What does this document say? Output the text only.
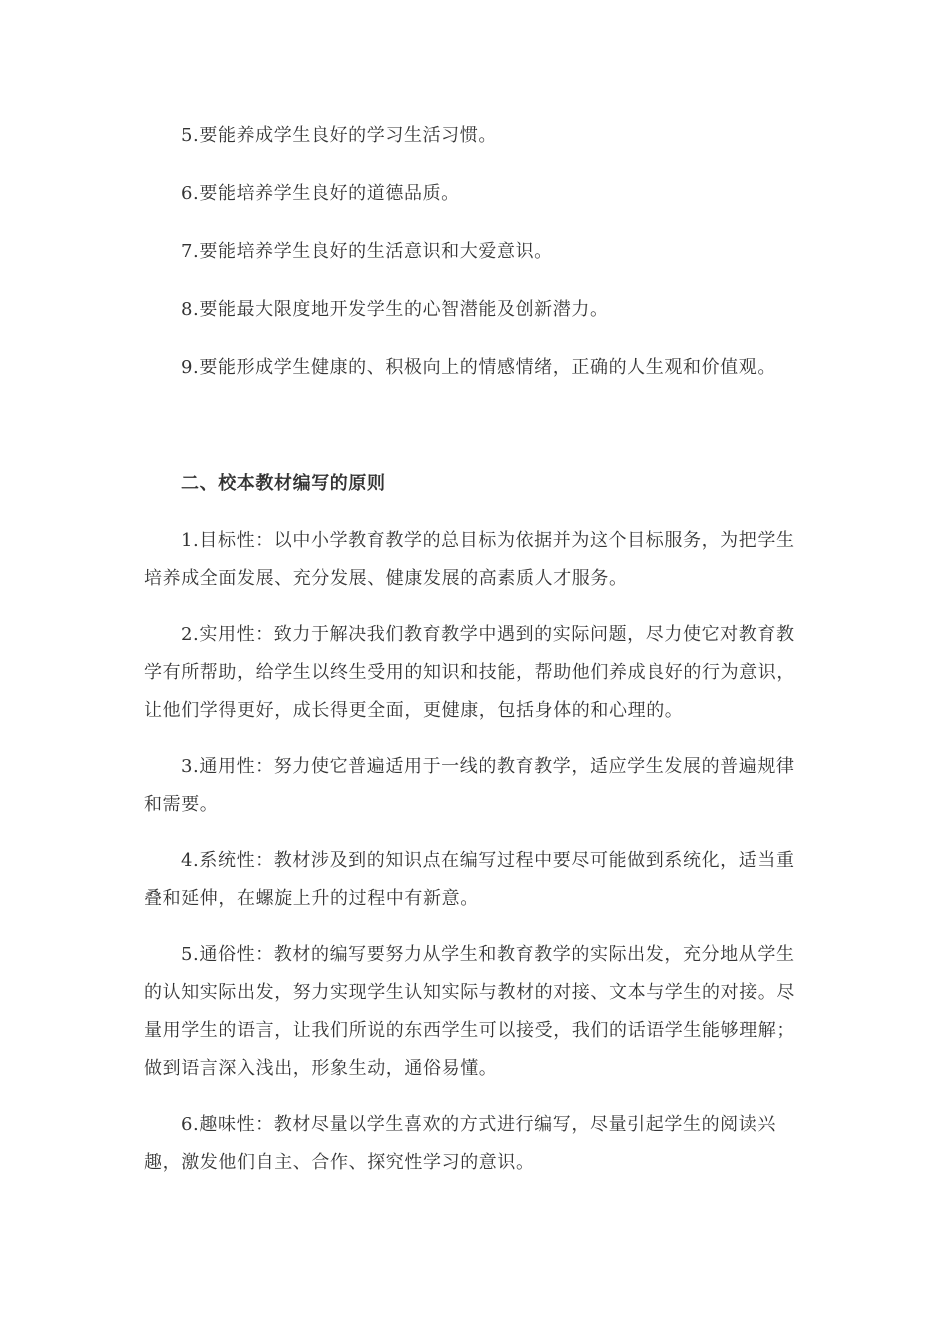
5.要能养成学生良好的学习生活习惯。

6.要能培养学生良好的道德品质。

7.要能培养学生良好的生活意识和大爱意识。

8.要能最大限度地开发学生的心智潜能及创新潜力。

9.要能形成学生健康的、积极向上的情感情绪，正确的人生观和价值观。

二、校本教材编写的原则

1.目标性：以中小学教育教学的总目标为依据并为这个目标服务，为把学生培养成全面发展、充分发展、健康发展的高素质人才服务。

2.实用性：致力于解决我们教育教学中遇到的实际问题，尽力使它对教育教学有所帮助，给学生以终生受用的知识和技能，帮助他们养成良好的行为意识，让他们学得更好，成长得更全面，更健康，包括身体的和心理的。

3.通用性：努力使它普遍适用于一线的教育教学，适应学生发展的普遍规律和需要。

4.系统性：教材涉及到的知识点在编写过程中要尽可能做到系统化，适当重叠和延伸，在螺旋上升的过程中有新意。

5.通俗性：教材的编写要努力从学生和教育教学的实际出发，充分地从学生的认知实际出发，努力实现学生认知实际与教材的对接、文本与学生的对接。尽量用学生的语言，让我们所说的东西学生可以接受，我们的话语学生能够理解；做到语言深入浅出，形象生动，通俗易懂。

6.趣味性：教材尽量以学生喜欢的方式进行编写，尽量引起学生的阅读兴趣，激发他们自主、合作、探究性学习的意识。
